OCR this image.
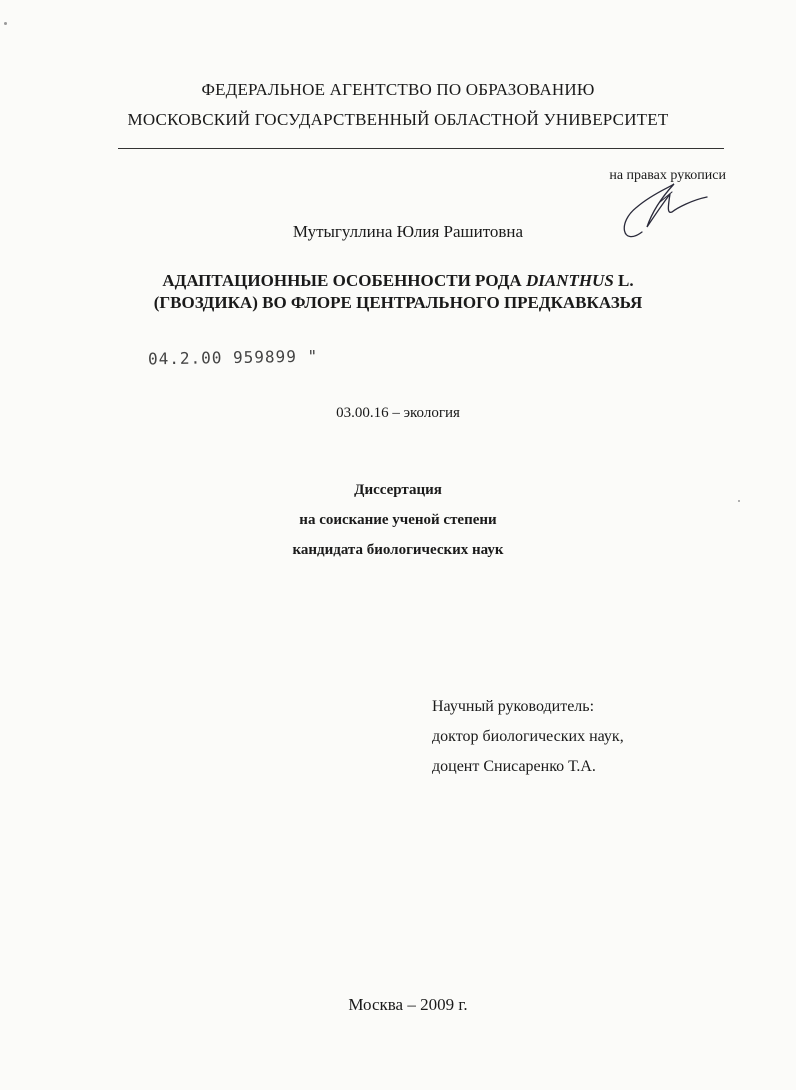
ФЕДЕРАЛЬНОЕ АГЕНТСТВО ПО ОБРАЗОВАНИЮ
МОСКОВСКИЙ ГОСУДАРСТВЕННЫЙ ОБЛАСТНОЙ УНИВЕРСИТЕТ
на правах рукописи
Мутыгуллина Юлия Рашитовна
АДАПТАЦИОННЫЕ ОСОБЕННОСТИ РОДА DIANTHUS L.
(ГВОЗДИКА) ВО ФЛОРЕ ЦЕНТРАЛЬНОГО ПРЕДКАВКАЗЬЯ
04.2.00 959899 "
03.00.16 – экология
Диссертация
на соискание ученой степени
кандидата биологических наук
Научный руководитель:
доктор биологических наук,
доцент Снисаренко Т.А.
Москва – 2009 г.
